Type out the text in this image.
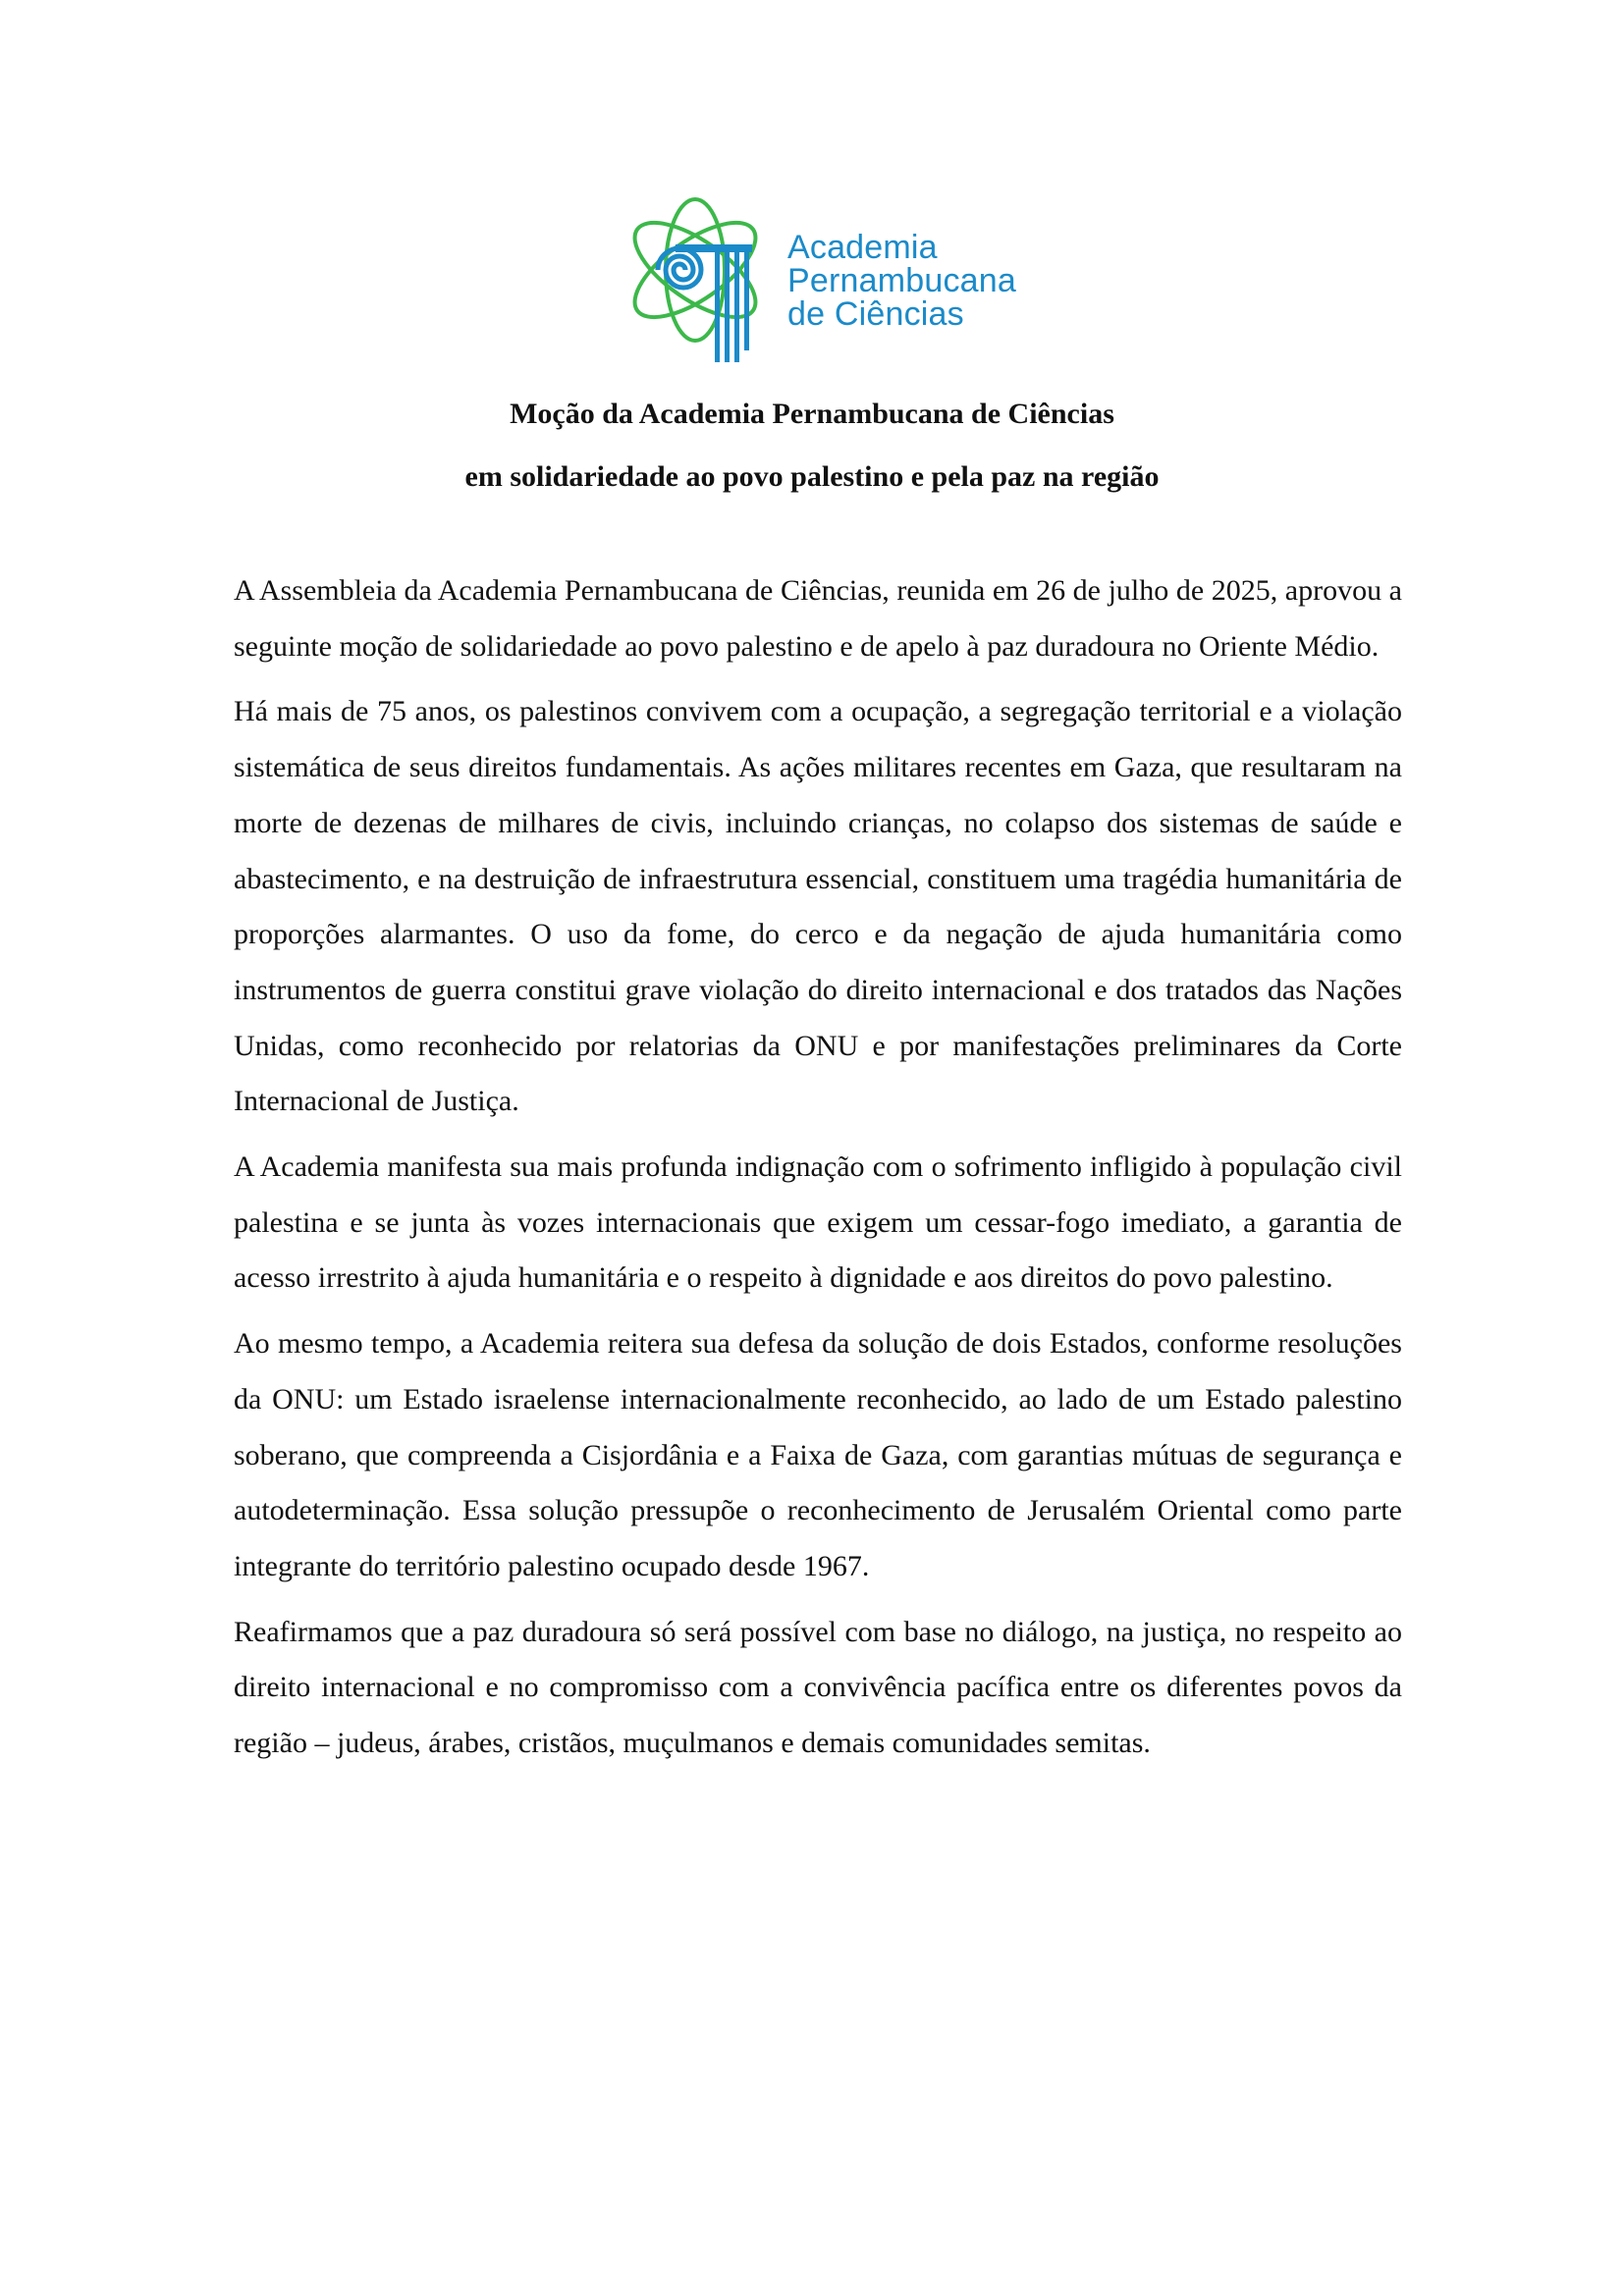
Academia
Pernambucana
de Ciências
Moção da Academia Pernambucana de Ciências
em solidariedade ao povo palestino e pela paz na região

A Assembleia da Academia Pernambucana de Ciências, reunida em 26 de julho de 2025, aprovou a seguinte moção de solidariedade ao povo palestino e de apelo à paz duradoura no Oriente Médio.

Há mais de 75 anos, os palestinos convivem com a ocupação, a segregação territorial e a violação sistemática de seus direitos fundamentais. As ações militares recentes em Gaza, que resultaram na morte de dezenas de milhares de civis, incluindo crianças, no colapso dos sistemas de saúde e abastecimento, e na destruição de infraestrutura essencial, constituem uma tragédia humanitária de proporções alarmantes. O uso da fome, do cerco e da negação de ajuda humanitária como instrumentos de guerra constitui grave violação do direito internacional e dos tratados das Nações Unidas, como reconhecido por relatorias da ONU e por manifestações preliminares da Corte Internacional de Justiça.

A Academia manifesta sua mais profunda indignação com o sofrimento infligido à população civil palestina e se junta às vozes internacionais que exigem um cessar-fogo imediato, a garantia de acesso irrestrito à ajuda humanitária e o respeito à dignidade e aos direitos do povo palestino.

Ao mesmo tempo, a Academia reitera sua defesa da solução de dois Estados, conforme resoluções da ONU: um Estado israelense internacionalmente reconhecido, ao lado de um Estado palestino soberano, que compreenda a Cisjordânia e a Faixa de Gaza, com garantias mútuas de segurança e autodeterminação. Essa solução pressupõe o reconhecimento de Jerusalém Oriental como parte integrante do território palestino ocupado desde 1967.

Reafirmamos que a paz duradoura só será possível com base no diálogo, na justiça, no respeito ao direito internacional e no compromisso com a convivência pacífica entre os diferentes povos da região – judeus, árabes, cristãos, muçulmanos e demais comunidades semitas.
